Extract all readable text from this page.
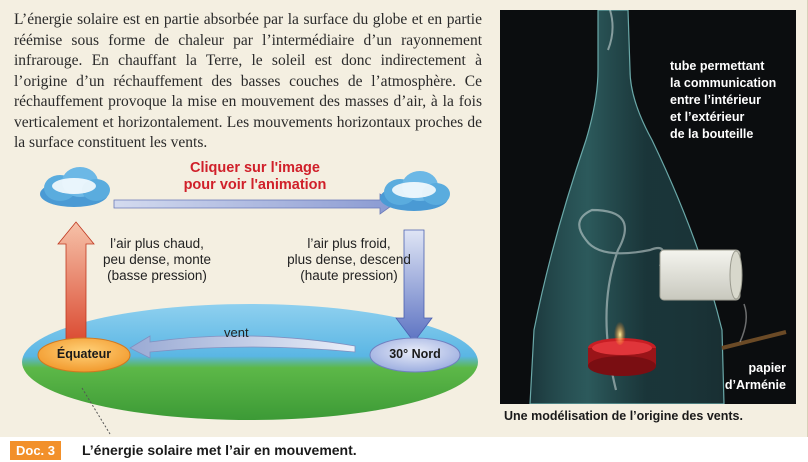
L’énergie solaire est en partie absorbée par la surface du globe et en partie réémise sous forme de chaleur par l’intermédiaire d’un rayonnement infrarouge. En chauffant la Terre, le soleil est donc indirectement à l’origine d’un réchauffement des basses couches de l’atmosphère. Ce réchauffement provoque la mise en mouvement des masses d’air, à la fois verticalement et horizontalement. Les mouvements horizontaux proches de la surface constituent les vents.

Cliquer sur l'image
pour voir l'animation
l’air plus chaud,
peu dense, monte
(basse pression)
l’air plus froid,
plus dense, descend
(haute pression)
vent
Équateur	30° Nord
tube permettant
la communication
entre l’intérieur
et l’extérieur
de la bouteille
papier
d’Arménie
Une modélisation de l’origine des vents.
Doc. 3	L’énergie solaire met l’air en mouvement.
